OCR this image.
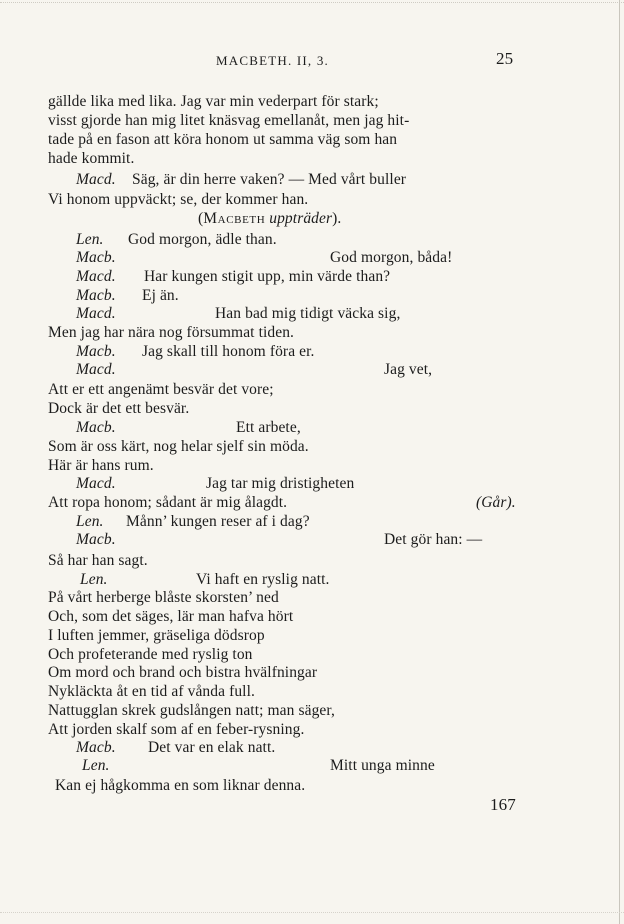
MACBETH. II, 3.	25
gällde lika med lika. Jag var min vederpart för stark;
visst gjorde han mig litet knäsvag emellanåt, men jag hit-
tade på en fason att köra honom ut samma väg som han
hade kommit.
Macd. Säg, är din herre vaken? — Med vårt buller
Vi honom uppväckt; se, der kommer han.
(Macbeth uppträder).
Len. God morgon, ädle than.
Macb.	God morgon, båda!
Macd. Har kungen stigit upp, min värde than?
Macb. Ej än.
Macd.	Han bad mig tidigt väcka sig,
Men jag har nära nog försummat tiden.
Macb. Jag skall till honom föra er.
Macd.	Jag vet,
Att er ett angenämt besvär det vore;
Dock är det ett besvär.
Macb.	Ett arbete,
Som är oss kärt, nog helar sjelf sin möda.
Här är hans rum.
Macd.	Jag tar mig dristigheten
Att ropa honom; sådant är mig ålagdt.	(Går).
Len. Månn’ kungen reser af i dag?
Macb.	Det gör han: —
Så har han sagt.
Len.	Vi haft en ryslig natt.
På vårt herberge blåste skorsten’ ned
Och, som det säges, lär man hafva hört
I luften jemmer, gräseliga dödsrop
Och profeterande med ryslig ton
Om mord och brand och bistra hvälfningar
Nykläckta åt en tid af vånda full.
Nattugglan skrek gudslången natt; man säger,
Att jorden skalf som af en feber-rysning.
Macb. Det var en elak natt.
Len.	Mitt unga minne
Kan ej hågkomma en som liknar denna.
167
